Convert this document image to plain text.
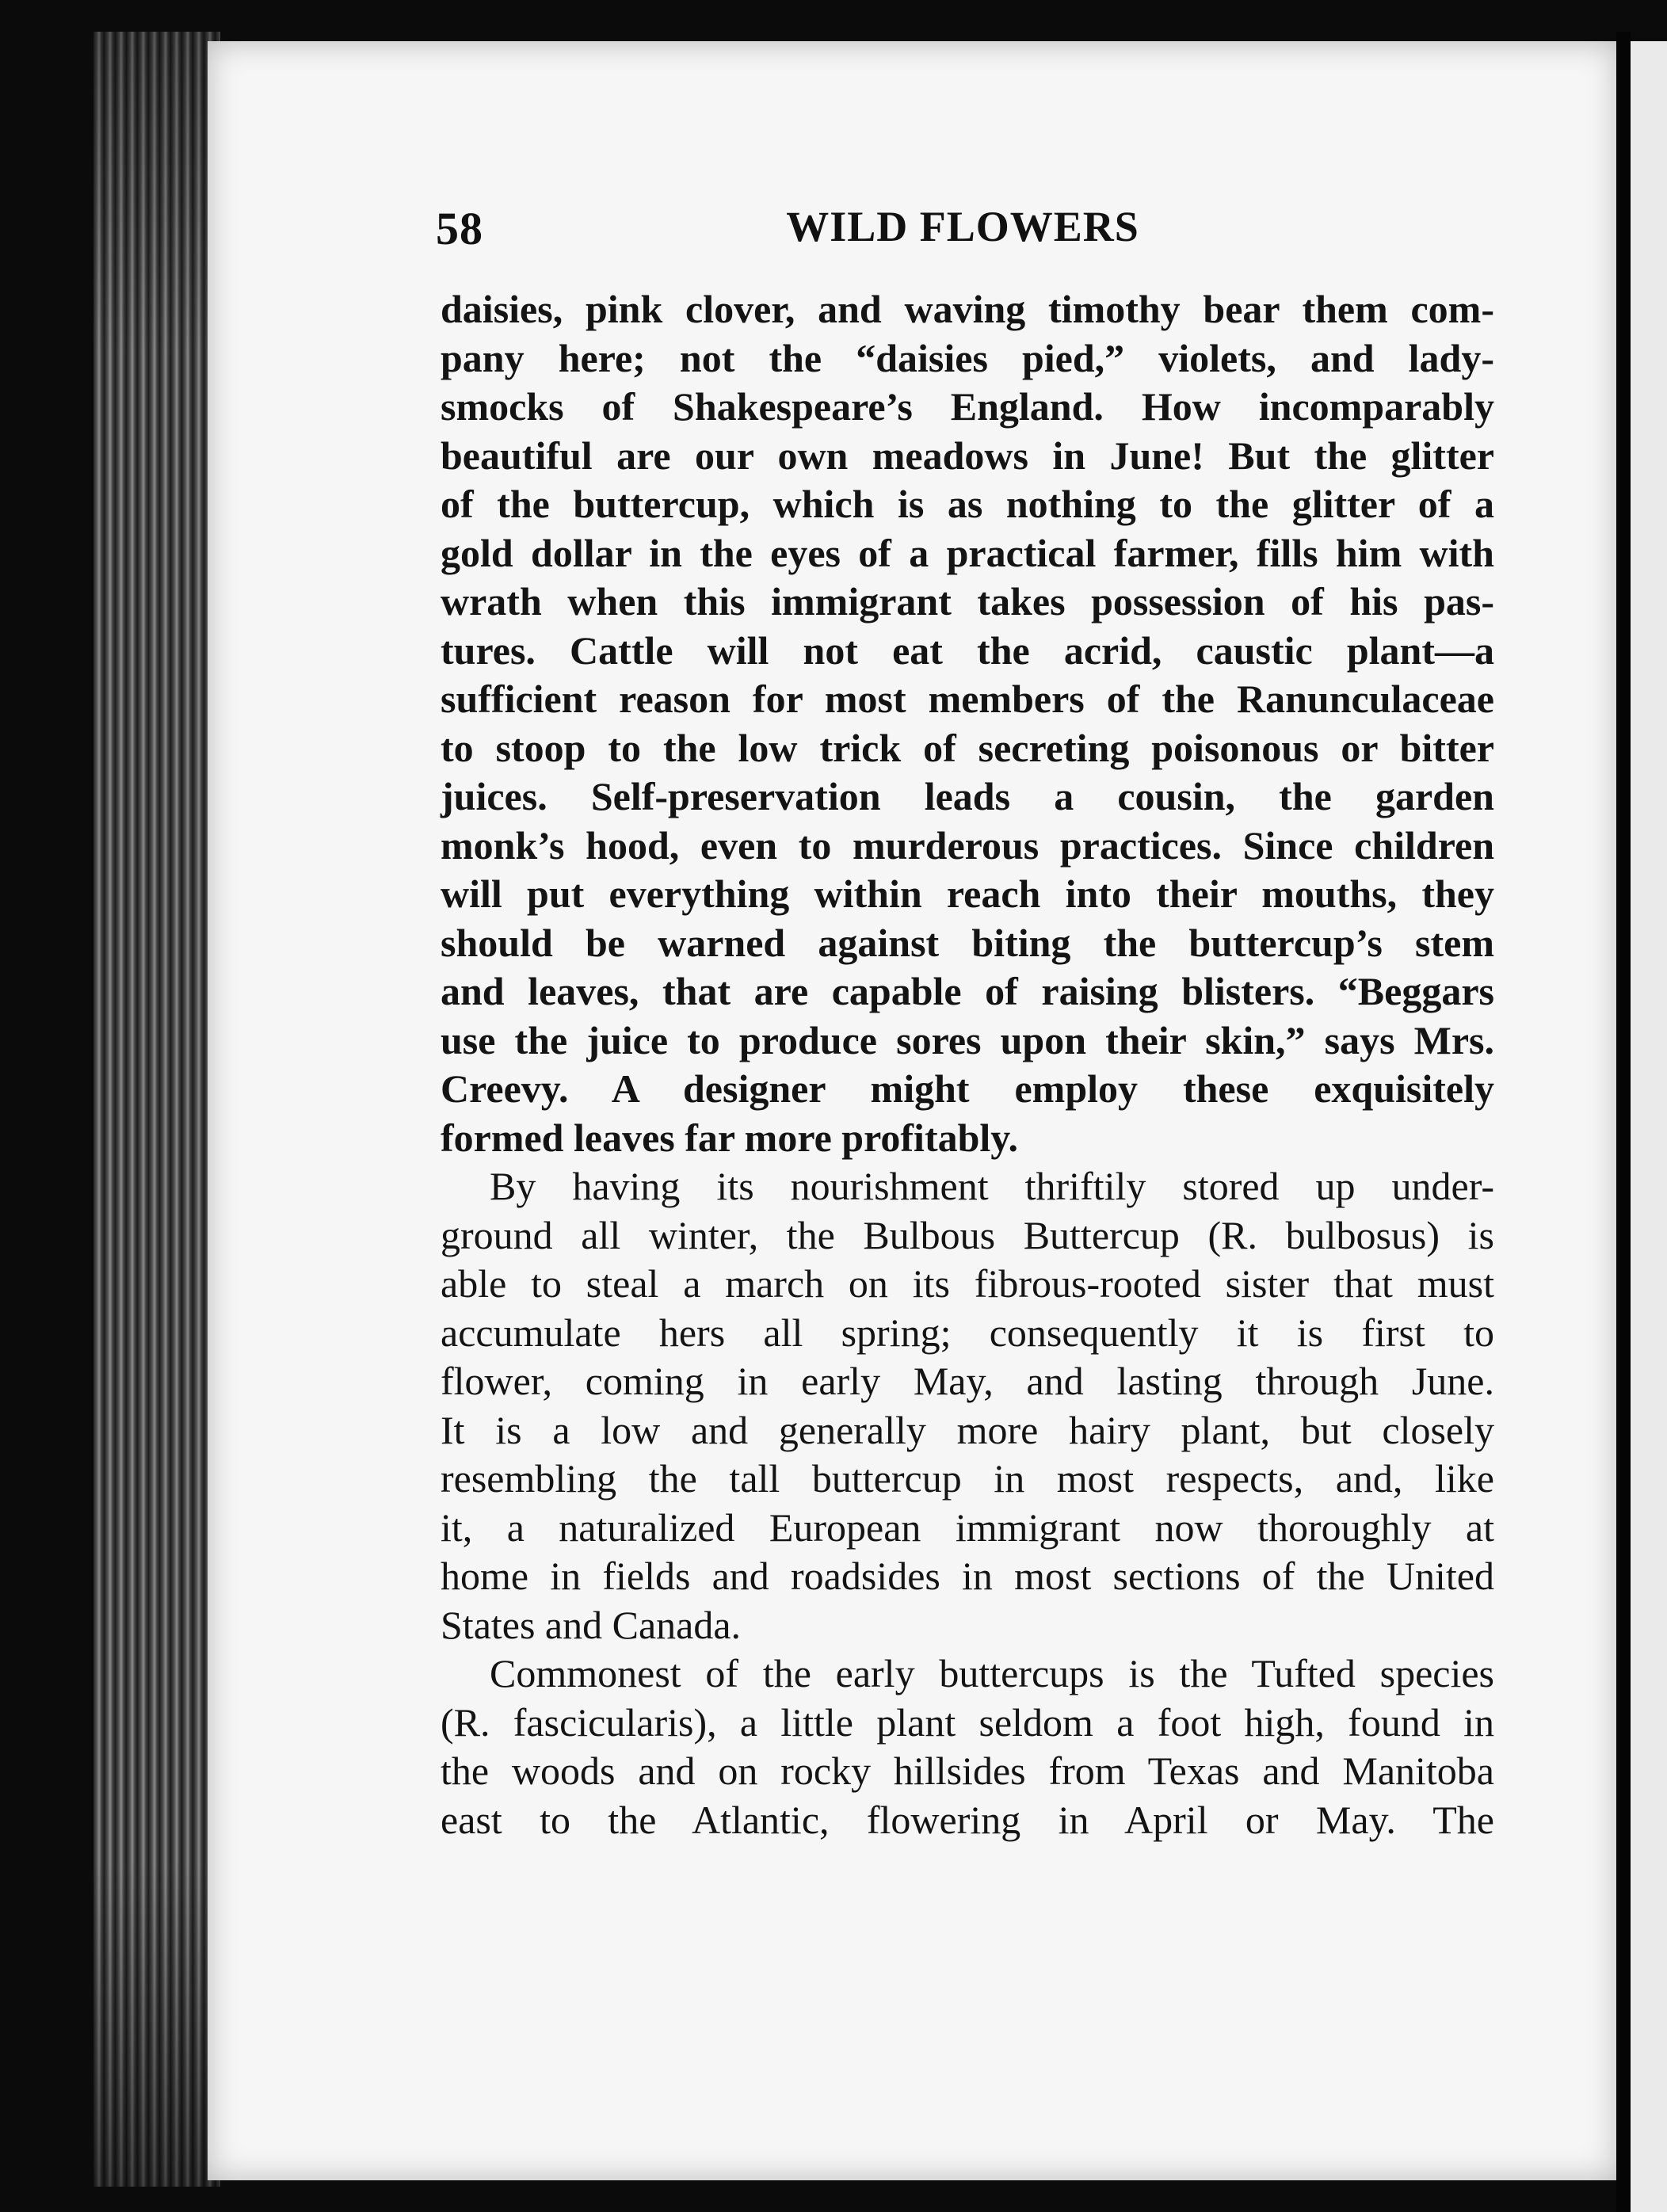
58	WILD FLOWERS
daisies, pink clover, and waving timothy bear them com-
pany here; not the “daisies pied,” violets, and lady-
smocks of Shakespeare’s England. How incomparably
beautiful are our own meadows in June! But the glitter
of the buttercup, which is as nothing to the glitter of a
gold dollar in the eyes of a practical farmer, fills him with
wrath when this immigrant takes possession of his pas-
tures. Cattle will not eat the acrid, caustic plant—a
sufficient reason for most members of the Ranunculaceae
to stoop to the low trick of secreting poisonous or bitter
juices. Self-preservation leads a cousin, the garden
monk’s hood, even to murderous practices. Since children
will put everything within reach into their mouths, they
should be warned against biting the buttercup’s stem
and leaves, that are capable of raising blisters. “Beggars
use the juice to produce sores upon their skin,” says Mrs.
Creevy. A designer might employ these exquisitely
formed leaves far more profitably.
By having its nourishment thriftily stored up under-
ground all winter, the Bulbous Buttercup (R. bulbosus) is
able to steal a march on its fibrous-rooted sister that must
accumulate hers all spring; consequently it is first to
flower, coming in early May, and lasting through June.
It is a low and generally more hairy plant, but closely
resembling the tall buttercup in most respects, and, like
it, a naturalized European immigrant now thoroughly at
home in fields and roadsides in most sections of the United
States and Canada.
Commonest of the early buttercups is the Tufted species
(R. fascicularis), a little plant seldom a foot high, found in
the woods and on rocky hillsides from Texas and Manitoba
east to the Atlantic, flowering in April or May. The
